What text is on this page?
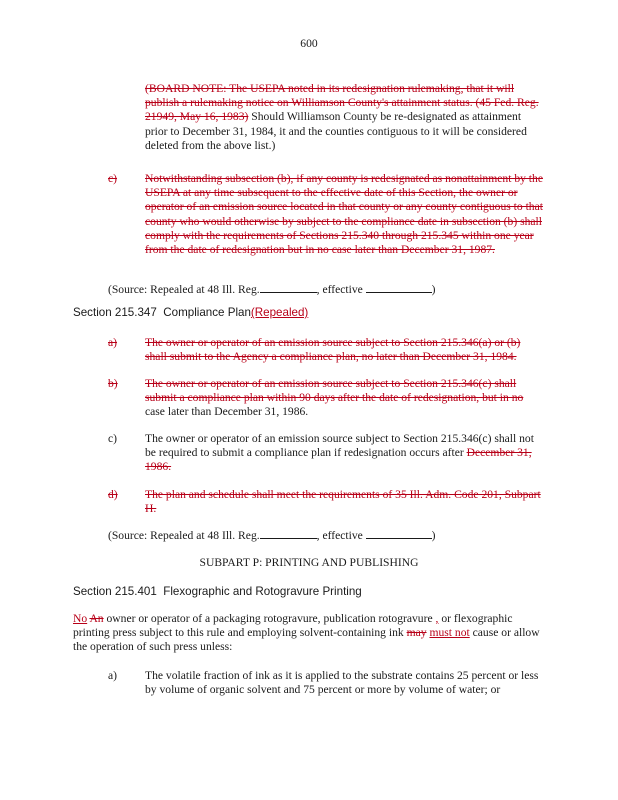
600
(BOARD NOTE: The USEPA noted in its redesignation rulemaking, that it will publish a rulemaking notice on Williamson County's attainment status. (45 Fed. Reg. 21949, May 16, 1983) Should Williamson County be re-designated as attainment prior to December 31, 1984, it and the counties contiguous to it will be considered deleted from the above list.)
c)	Notwithstanding subsection (b), if any county is redesignated as nonattainment by the USEPA at any time subsequent to the effective date of this Section, the owner or operator of an emission source located in that county or any county contiguous to that county who would otherwise by subject to the compliance date in subsection (b) shall comply with the requirements of Sections 215.340 through 215.345 within one year from the date of redesignation but in no case later than December 31, 1987.
(Source: Repealed at 48 Ill. Reg.	, effective	)
Section 215.347 Compliance Plan(Repealed)
a)	The owner or operator of an emission source subject to Section 215.346(a) or (b) shall submit to the Agency a compliance plan, no later than December 31, 1984.
b)	The owner or operator of an emission source subject to Section 215.346(c) shall submit a compliance plan within 90 days after the date of redesignation, but in no case later than December 31, 1986.
c)	The owner or operator of an emission source subject to Section 215.346(c) shall not be required to submit a compliance plan if redesignation occurs after December 31, 1986.
d)	The plan and schedule shall meet the requirements of 35 Ill. Adm. Code 201, Subpart H.
(Source: Repealed at 48 Ill. Reg.	, effective	)
SUBPART P: PRINTING AND PUBLISHING
Section 215.401 Flexographic and Rotogravure Printing
No An owner or operator of a packaging rotogravure, publication rotogravure , or flexographic printing press subject to this rule and employing solvent-containing ink may must not cause or allow the operation of such press unless:
a)	The volatile fraction of ink as it is applied to the substrate contains 25 percent or less by volume of organic solvent and 75 percent or more by volume of water; or
